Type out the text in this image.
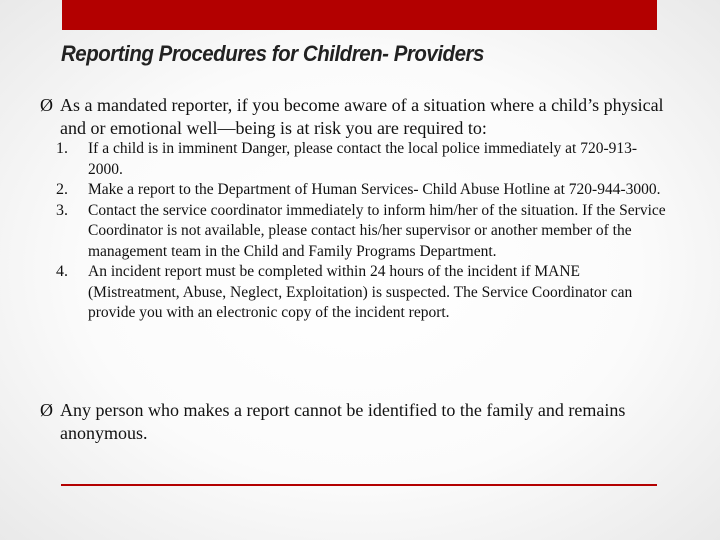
Reporting Procedures for Children- Providers
Ø As a mandated reporter, if you become aware of a situation where a child’s physical and or emotional well—being is at risk you are required to:
1.	If a child is in imminent Danger, please contact the local police immediately at 720-913-2000.
2.	Make a report to the Department of Human Services- Child Abuse Hotline at 720-944-3000.
3.	Contact the service coordinator immediately to inform him/her of the situation. If the Service Coordinator is not available, please contact his/her supervisor or another member of the management team in the Child and Family Programs Department.
4.	An incident report must be completed within 24 hours of the incident if MANE (Mistreatment, Abuse, Neglect, Exploitation) is suspected. The Service Coordinator can provide you with an electronic copy of the incident report.
Ø Any person who makes a report cannot be identified to the family and remains anonymous.
